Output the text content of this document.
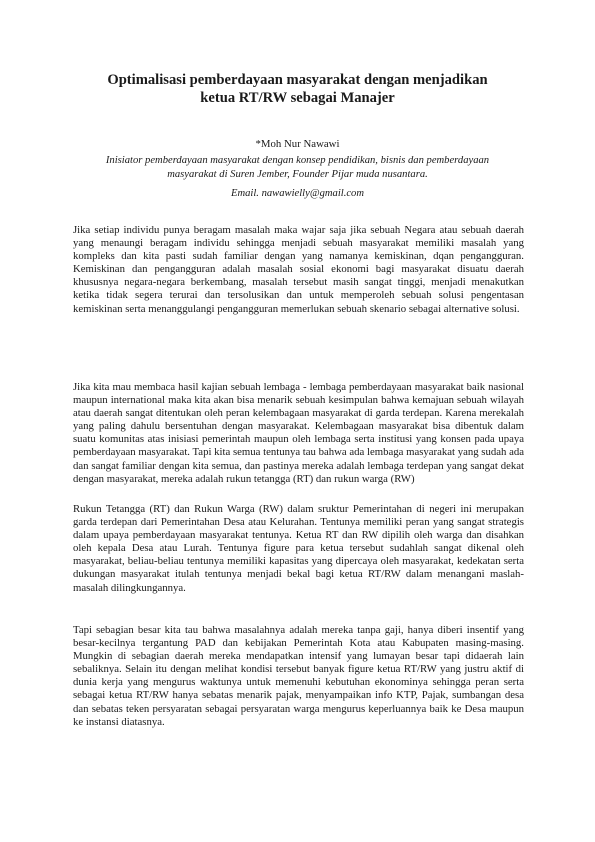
Optimalisasi pemberdayaan masyarakat dengan menjadikan
ketua RT/RW sebagai Manajer
*Moh Nur Nawawi
Inisiator pemberdayaan masyarakat dengan konsep pendidikan, bisnis dan pemberdayaan
masyarakat di Suren Jember, Founder Pijar muda nusantara.
Email. nawawielly@gmail.com

Jika setiap individu punya beragam masalah maka wajar saja jika sebuah Negara atau sebuah daerah yang menaungi beragam individu sehingga menjadi sebuah masyarakat memiliki masalah yang kompleks dan kita pasti sudah familiar dengan yang namanya kemiskinan, dqan pengangguran. Kemiskinan dan pengangguran adalah masalah sosial ekonomi bagi masyarakat disuatu daerah khususnya negara-negara berkembang, masalah tersebut masih sangat tinggi, menjadi menakutkan ketika tidak segera terurai dan tersolusikan dan untuk memperoleh sebuah solusi pengentasan kemiskinan serta menanggulangi pengangguran memerlukan sebuah skenario sebagai alternative solusi.

Jika kita mau membaca hasil kajian sebuah lembaga - lembaga pemberdayaan masyarakat baik nasional maupun international maka kita akan bisa menarik sebuah kesimpulan bahwa kemajuan sebuah wilayah atau daerah sangat ditentukan oleh peran kelembagaan masyarakat di garda terdepan. Karena merekalah yang paling dahulu bersentuhan dengan masyarakat. Kelembagaan masyarakat bisa dibentuk dalam suatu komunitas atas inisiasi pemerintah maupun oleh lembaga serta institusi yang konsen pada upaya pemberdayaan masyarakat. Tapi kita semua tentunya tau bahwa ada lembaga masyarakat yang sudah ada dan sangat familiar dengan kita semua, dan pastinya mereka adalah lembaga terdepan yang sangat dekat dengan masyarakat, mereka adalah rukun tetangga (RT) dan rukun warga (RW)

Rukun Tetangga (RT) dan Rukun Warga (RW) dalam sruktur Pemerintahan di negeri ini merupakan garda terdepan dari Pemerintahan Desa atau Kelurahan. Tentunya memiliki peran yang sangat strategis dalam upaya pemberdayaan masyarakat tentunya. Ketua RT dan RW dipilih oleh warga dan disahkan oleh kepala Desa atau Lurah. Tentunya figure para ketua tersebut sudahlah sangat dikenal oleh masyarakat, beliau-beliau tentunya memiliki kapasitas yang dipercaya oleh masyarakat, kedekatan serta dukungan masyarakat itulah tentunya menjadi bekal bagi ketua RT/RW dalam menangani maslah-masalah dilingkungannya.

Tapi sebagian besar kita tau bahwa masalahnya adalah mereka tanpa gaji, hanya diberi insentif yang besar-kecilnya tergantung PAD dan kebijakan Pemerintah Kota atau Kabupaten masing-masing. Mungkin di sebagian daerah mereka mendapatkan intensif yang lumayan besar tapi didaerah lain sebaliknya. Selain itu dengan melihat kondisi tersebut banyak figure ketua RT/RW yang justru aktif di dunia kerja yang mengurus waktunya untuk memenuhi kebutuhan ekonominya sehingga peran serta sebagai ketua RT/RW hanya sebatas menarik pajak, menyampaikan info KTP, Pajak, sumbangan desa dan sebatas teken persyaratan sebagai persyaratan warga mengurus keperluannya baik ke Desa maupun ke instansi diatasnya.
